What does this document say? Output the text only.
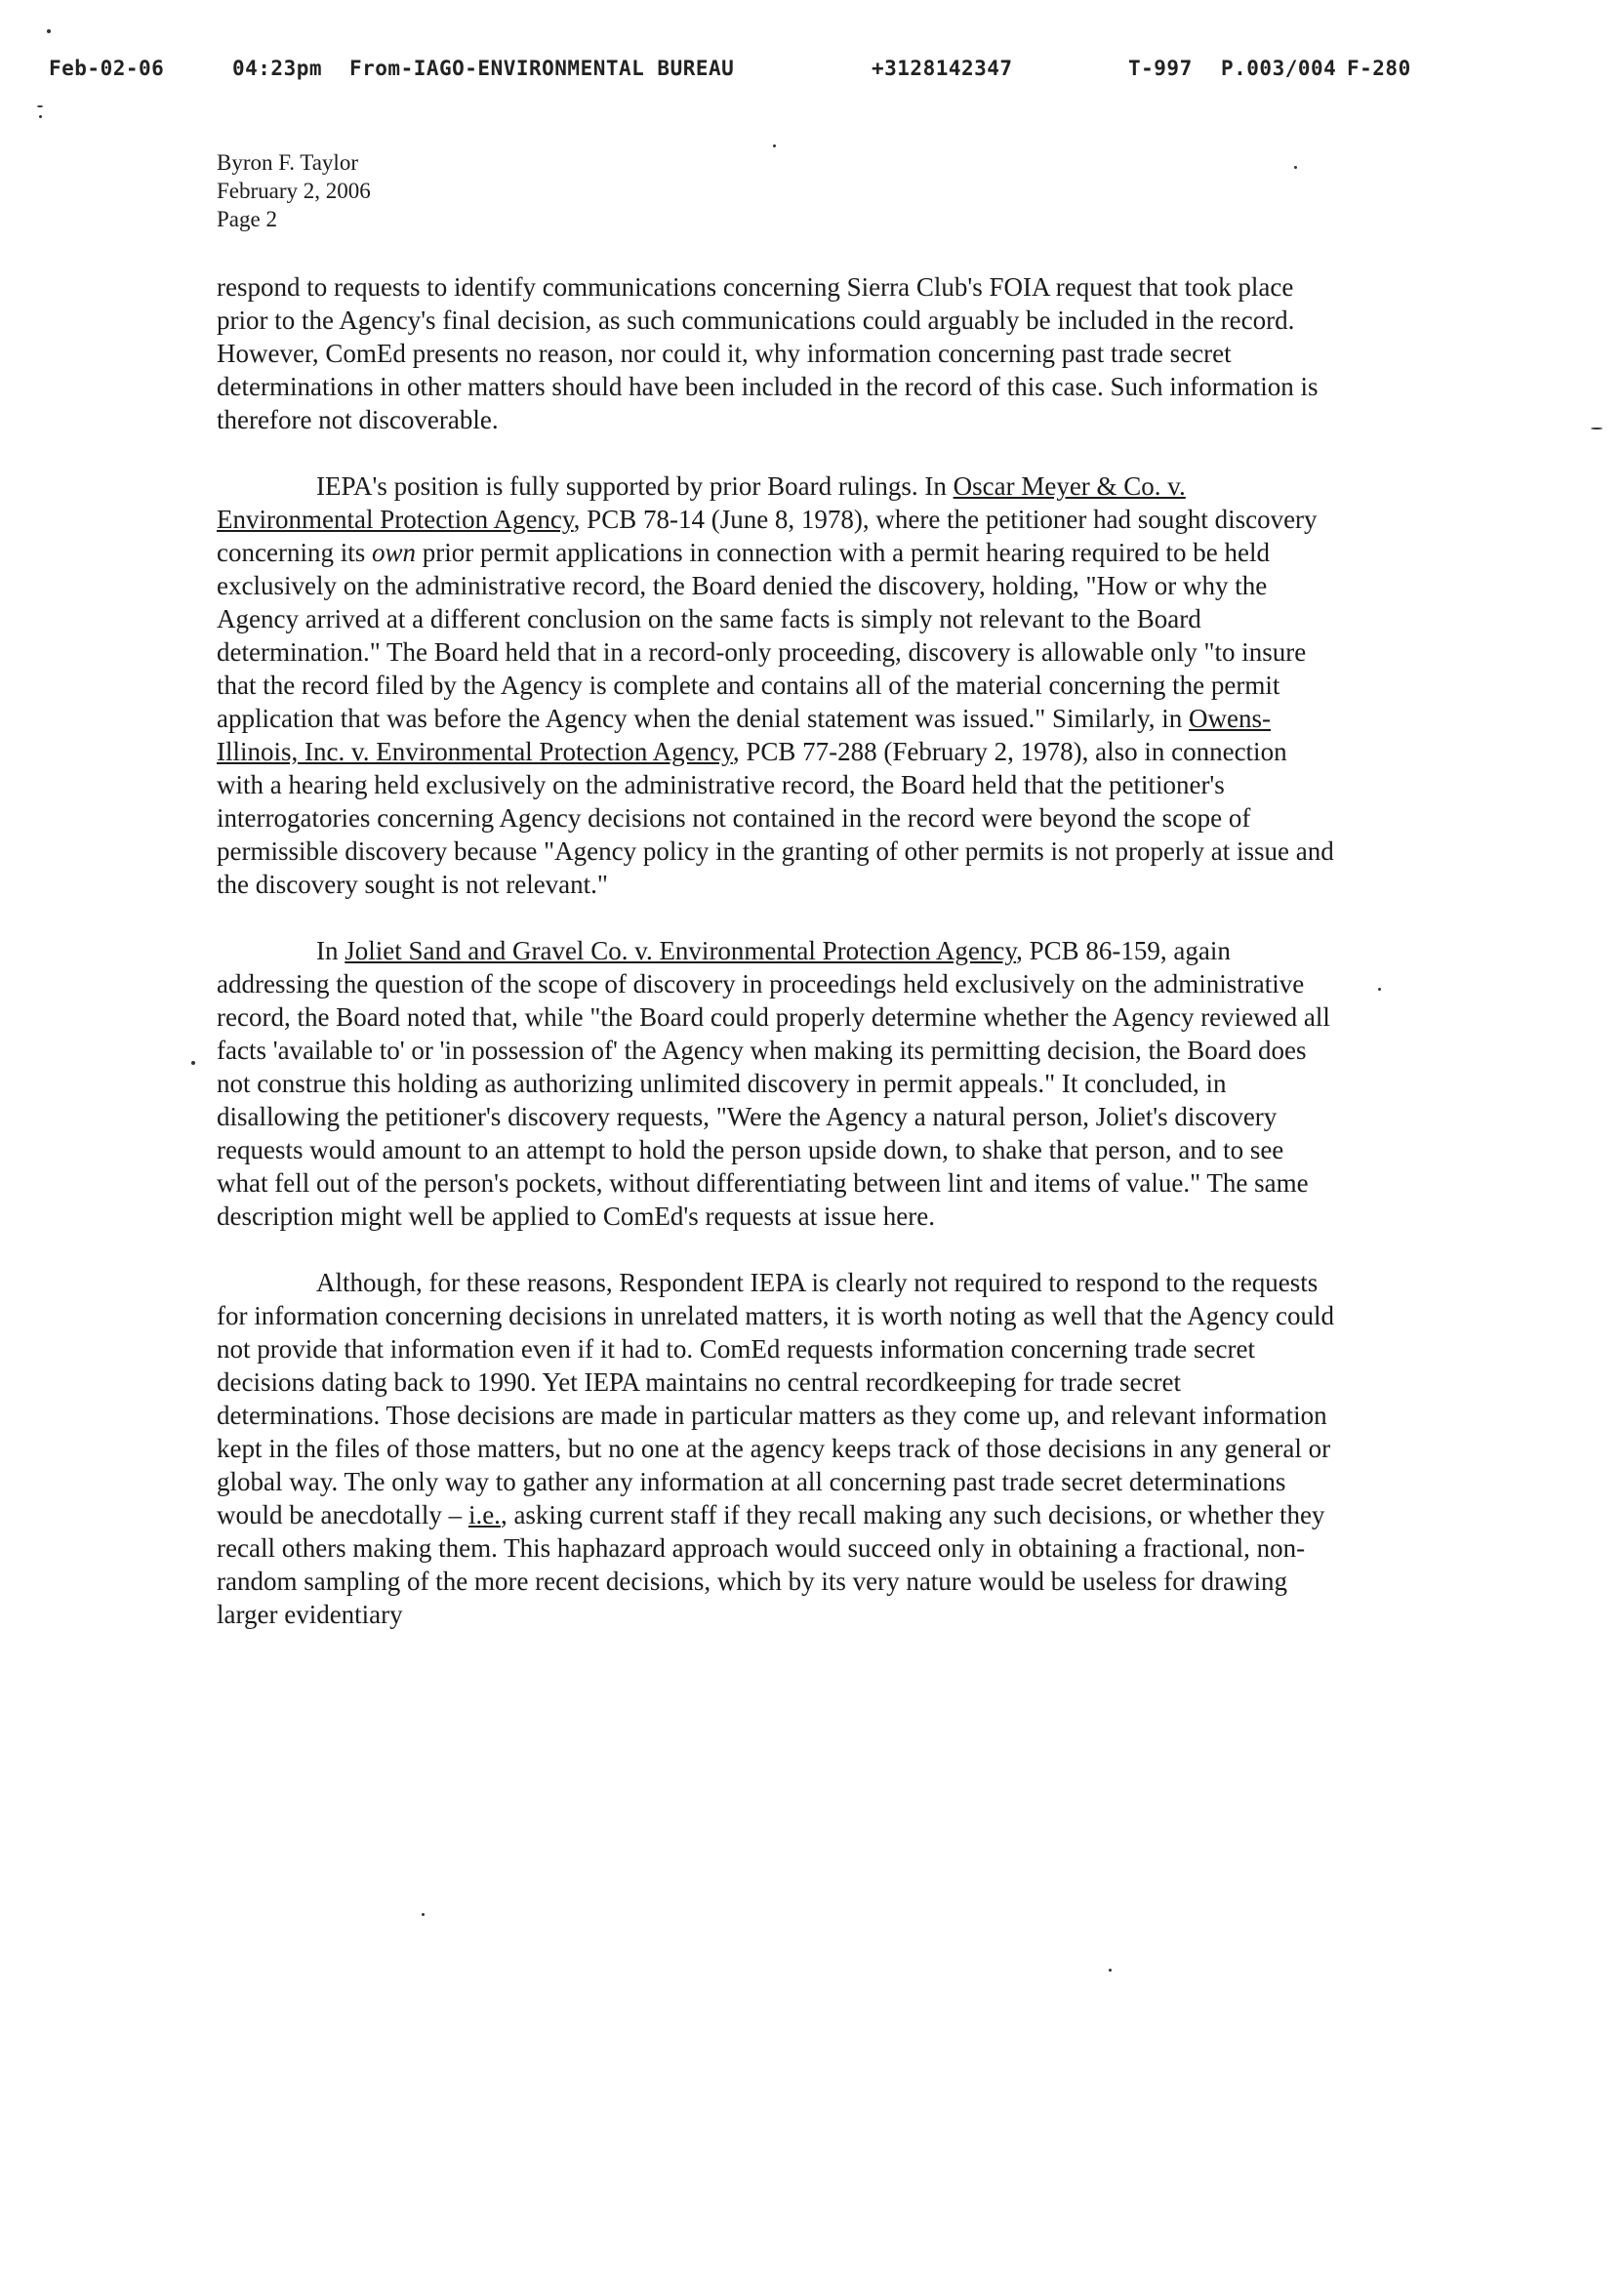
Feb-02-06	04:23pm From-IAGO-ENVIRONMENTAL BUREAU	+3128142347	T-997 P.003/004 F-280
Byron F. Taylor
February 2, 2006
Page 2

respond to requests to identify communications concerning Sierra Club's FOIA request that took place prior to the Agency's final decision, as such communications could arguably be included in the record. However, ComEd presents no reason, nor could it, why information concerning past trade secret determinations in other matters should have been included in the record of this case. Such information is therefore not discoverable.

IEPA's position is fully supported by prior Board rulings. In Oscar Meyer & Co. v. Environmental Protection Agency, PCB 78-14 (June 8, 1978), where the petitioner had sought discovery concerning its own prior permit applications in connection with a permit hearing required to be held exclusively on the administrative record, the Board denied the discovery, holding, "How or why the Agency arrived at a different conclusion on the same facts is simply not relevant to the Board determination." The Board held that in a record-only proceeding, discovery is allowable only "to insure that the record filed by the Agency is complete and contains all of the material concerning the permit application that was before the Agency when the denial statement was issued." Similarly, in Owens-Illinois, Inc. v. Environmental Protection Agency, PCB 77-288 (February 2, 1978), also in connection with a hearing held exclusively on the administrative record, the Board held that the petitioner's interrogatories concerning Agency decisions not contained in the record were beyond the scope of permissible discovery because "Agency policy in the granting of other permits is not properly at issue and the discovery sought is not relevant."

In Joliet Sand and Gravel Co. v. Environmental Protection Agency, PCB 86-159, again addressing the question of the scope of discovery in proceedings held exclusively on the administrative record, the Board noted that, while "the Board could properly determine whether the Agency reviewed all facts 'available to' or 'in possession of' the Agency when making its permitting decision, the Board does not construe this holding as authorizing unlimited discovery in permit appeals." It concluded, in disallowing the petitioner's discovery requests, "Were the Agency a natural person, Joliet's discovery requests would amount to an attempt to hold the person upside down, to shake that person, and to see what fell out of the person's pockets, without differentiating between lint and items of value." The same description might well be applied to ComEd's requests at issue here.

Although, for these reasons, Respondent IEPA is clearly not required to respond to the requests for information concerning decisions in unrelated matters, it is worth noting as well that the Agency could not provide that information even if it had to. ComEd requests information concerning trade secret decisions dating back to 1990. Yet IEPA maintains no central recordkeeping for trade secret determinations. Those decisions are made in particular matters as they come up, and relevant information kept in the files of those matters, but no one at the agency keeps track of those decisions in any general or global way. The only way to gather any information at all concerning past trade secret determinations would be anecdotally – i.e., asking current staff if they recall making any such decisions, or whether they recall others making them. This haphazard approach would succeed only in obtaining a fractional, non-random sampling of the more recent decisions, which by its very nature would be useless for drawing larger evidentiary
